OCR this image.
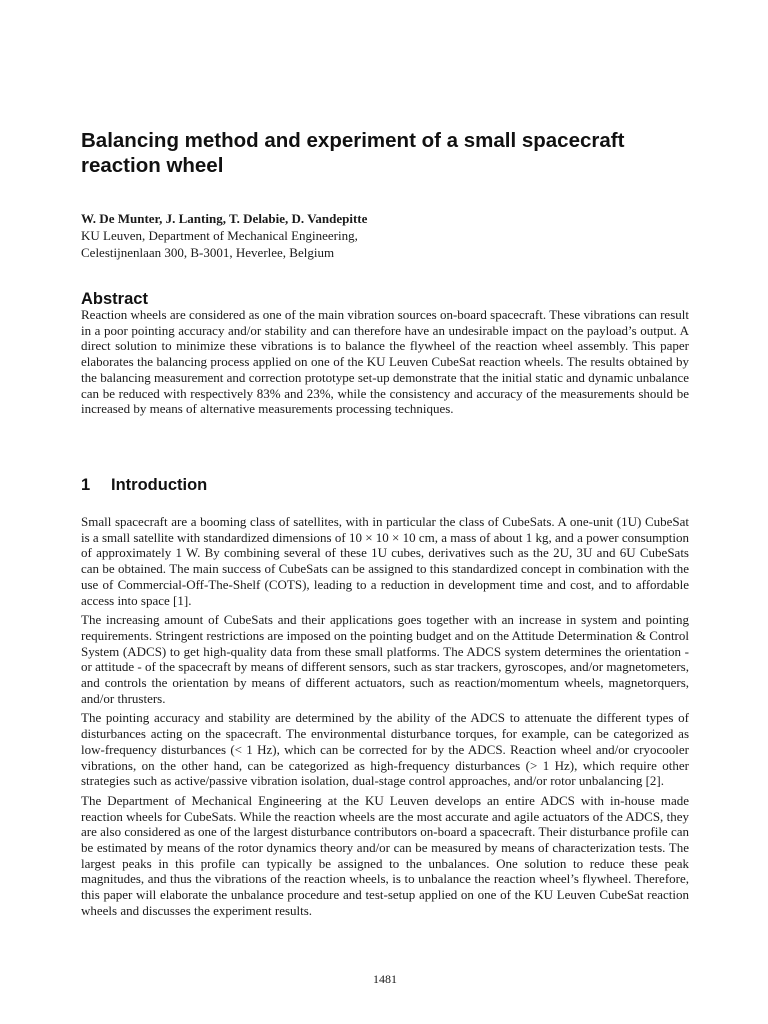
Balancing method and experiment of a small spacecraft reaction wheel
W. De Munter, J. Lanting, T. Delabie, D. Vandepitte
KU Leuven, Department of Mechanical Engineering,
Celestijnenlaan 300, B-3001, Heverlee, Belgium
Abstract

Reaction wheels are considered as one of the main vibration sources on-board spacecraft. These vibrations can result in a poor pointing accuracy and/or stability and can therefore have an undesirable impact on the payload’s output. A direct solution to minimize these vibrations is to balance the flywheel of the reaction wheel assembly. This paper elaborates the balancing process applied on one of the KU Leuven CubeSat reaction wheels. The results obtained by the balancing measurement and correction prototype set-up demonstrate that the initial static and dynamic unbalance can be reduced with respectively 83% and 23%, while the consistency and accuracy of the measurements should be increased by means of alternative measurements processing techniques.

1 Introduction

Small spacecraft are a booming class of satellites, with in particular the class of CubeSats. A one-unit (1U) CubeSat is a small satellite with standardized dimensions of 10 × 10 × 10 cm, a mass of about 1 kg, and a power consumption of approximately 1 W. By combining several of these 1U cubes, derivatives such as the 2U, 3U and 6U CubeSats can be obtained. The main success of CubeSats can be assigned to this standardized concept in combination with the use of Commercial-Off-The-Shelf (COTS), leading to a reduction in development time and cost, and to affordable access into space [1].

The increasing amount of CubeSats and their applications goes together with an increase in system and pointing requirements. Stringent restrictions are imposed on the pointing budget and on the Attitude Determination & Control System (ADCS) to get high-quality data from these small platforms. The ADCS system determines the orientation - or attitude - of the spacecraft by means of different sensors, such as star trackers, gyroscopes, and/or magnetometers, and controls the orientation by means of different actuators, such as reaction/momentum wheels, magnetorquers, and/or thrusters.

The pointing accuracy and stability are determined by the ability of the ADCS to attenuate the different types of disturbances acting on the spacecraft. The environmental disturbance torques, for example, can be categorized as low-frequency disturbances (< 1 Hz), which can be corrected for by the ADCS. Reaction wheel and/or cryocooler vibrations, on the other hand, can be categorized as high-frequency disturbances (> 1 Hz), which require other strategies such as active/passive vibration isolation, dual-stage control approaches, and/or rotor unbalancing [2].

The Department of Mechanical Engineering at the KU Leuven develops an entire ADCS with in-house made reaction wheels for CubeSats. While the reaction wheels are the most accurate and agile actuators of the ADCS, they are also considered as one of the largest disturbance contributors on-board a spacecraft. Their disturbance profile can be estimated by means of the rotor dynamics theory and/or can be measured by means of characterization tests. The largest peaks in this profile can typically be assigned to the unbalances. One solution to reduce these peak magnitudes, and thus the vibrations of the reaction wheels, is to unbalance the reaction wheel’s flywheel. Therefore, this paper will elaborate the unbalance procedure and test-setup applied on one of the KU Leuven CubeSat reaction wheels and discusses the experiment results.

1481
